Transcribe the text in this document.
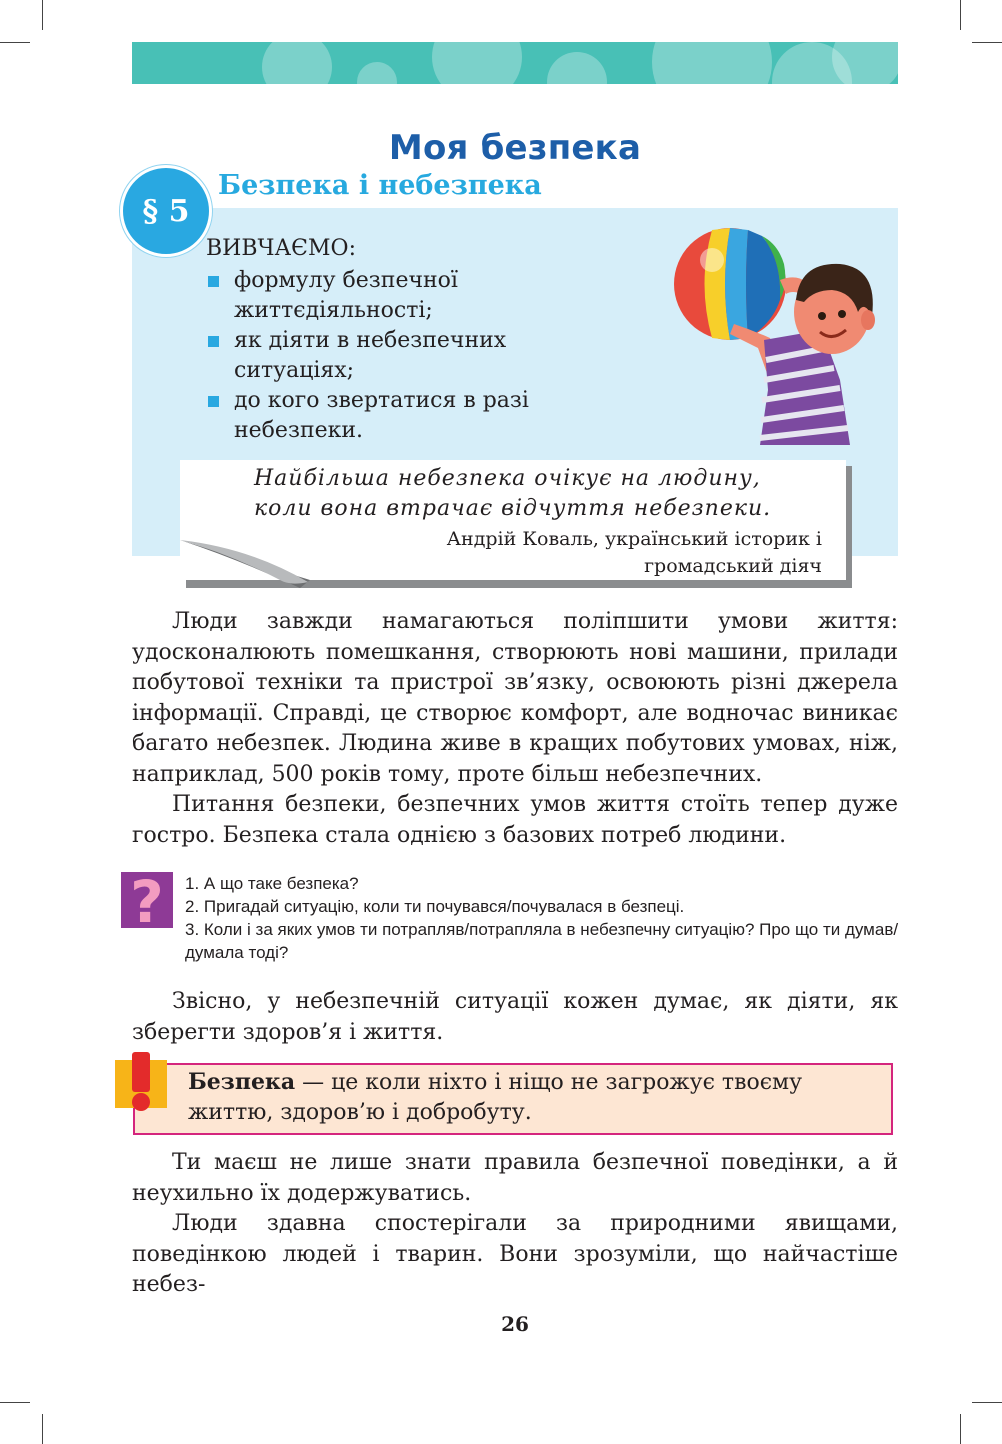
Моя безпека
§ 5
Безпека і небезпека
ВИВЧАЄМО:
формулу безпечної життєдіяльності;
як діяти в небезпечних ситуаціях;
до кого звертатися в разі небезпеки.
Найбільша небезпека очікує на людину,
коли вона втрачає відчуття небезпеки.
Андрій Коваль, український історик і
громадський діяч

Люди завжди намагаються поліпшити умови життя: удосконалюють помешкання, створюють нові машини, прилади побутової техніки та пристрої зв’язку, освоюють різні джерела інформації. Справді, це створює комфорт, але водночас виникає багато небезпек. Людина живе в кращих побутових умовах, ніж, наприклад, 500 років тому, проте більш небезпечних.

Питання безпеки, безпечних умов життя стоїть тепер дуже гостро. Безпека стала однією з базових потреб людини.

? 1. А що таке безпека?
2. Пригадай ситуацію, коли ти почувався/почувалася в безпеці.
3. Коли і за яких умов ти потрапляв/потрапляла в небезпечну ситуацію? Про що ти думав/думала тоді?

Звісно, у небезпечній ситуації кожен думає, як діяти, як зберегти здоров’я і життя.

Безпека — це коли ніхто і ніщо не загрожує твоєму життю, здоров’ю і добробуту.

Ти маєш не лише знати правила безпечної поведінки, а й неухильно їх додержуватись.

Люди здавна спостерігали за природними явищами, поведінкою людей і тварин. Вони зрозуміли, що найчастіше небез-

26
